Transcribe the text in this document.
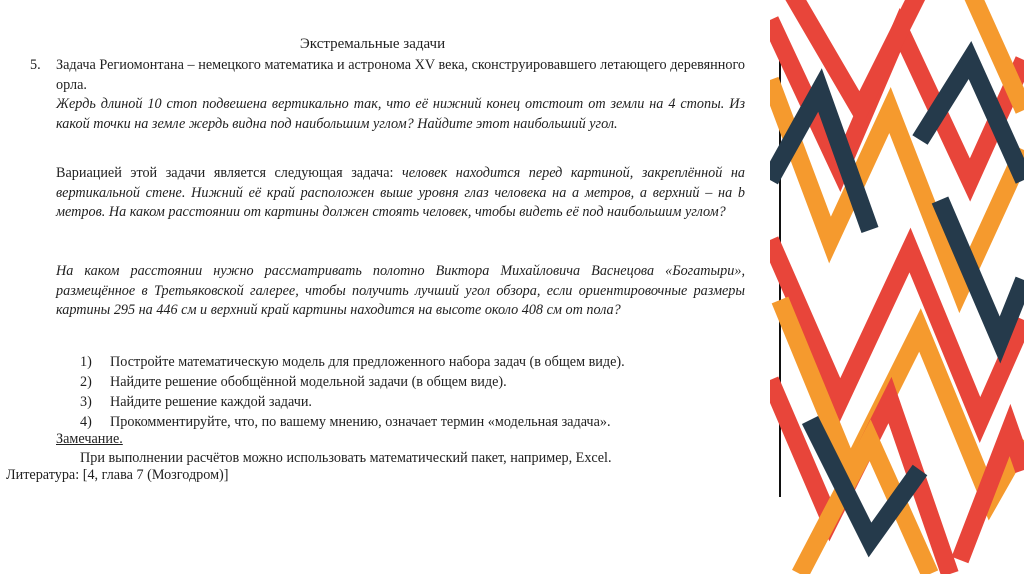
Экстремальные задачи
5. Задача Региомонтана – немецкого математика и астронома XV века, сконструировавшего летающего деревянного орла.
Жердь длиной 10 стоп подвешена вертикально так, что её нижний конец отстоит от земли на 4 стопы. Из какой точки на земле жердь видна под наибольшим углом? Найдите этот наибольший угол.
Вариацией этой задачи является следующая задача: человек находится перед картиной, закреплённой на вертикальной стене. Нижний её край расположен выше уровня глаз человека на a метров, а верхний – на b метров. На каком расстоянии от картины должен стоять человек, чтобы видеть её под наибольшим углом?
На каком расстоянии нужно рассматривать полотно Виктора Михайловича Васнецова «Богатыри», размещённое в Третьяковской галерее, чтобы получить лучший угол обзора, если ориентировочные размеры картины 295 на 446 см и верхний край картины находится на высоте около 408 см от пола?
1) Постройте математическую модель для предложенного набора задач (в общем виде).
2) Найдите решение обобщённой модельной задачи (в общем виде).
3) Найдите решение каждой задачи.
4) Прокомментируйте, что, по вашему мнению, означает термин «модельная задача».
Замечание.
При выполнении расчётов можно использовать математический пакет, например, Excel.
Литература: [4, глава 7 (Мозгодром)]
